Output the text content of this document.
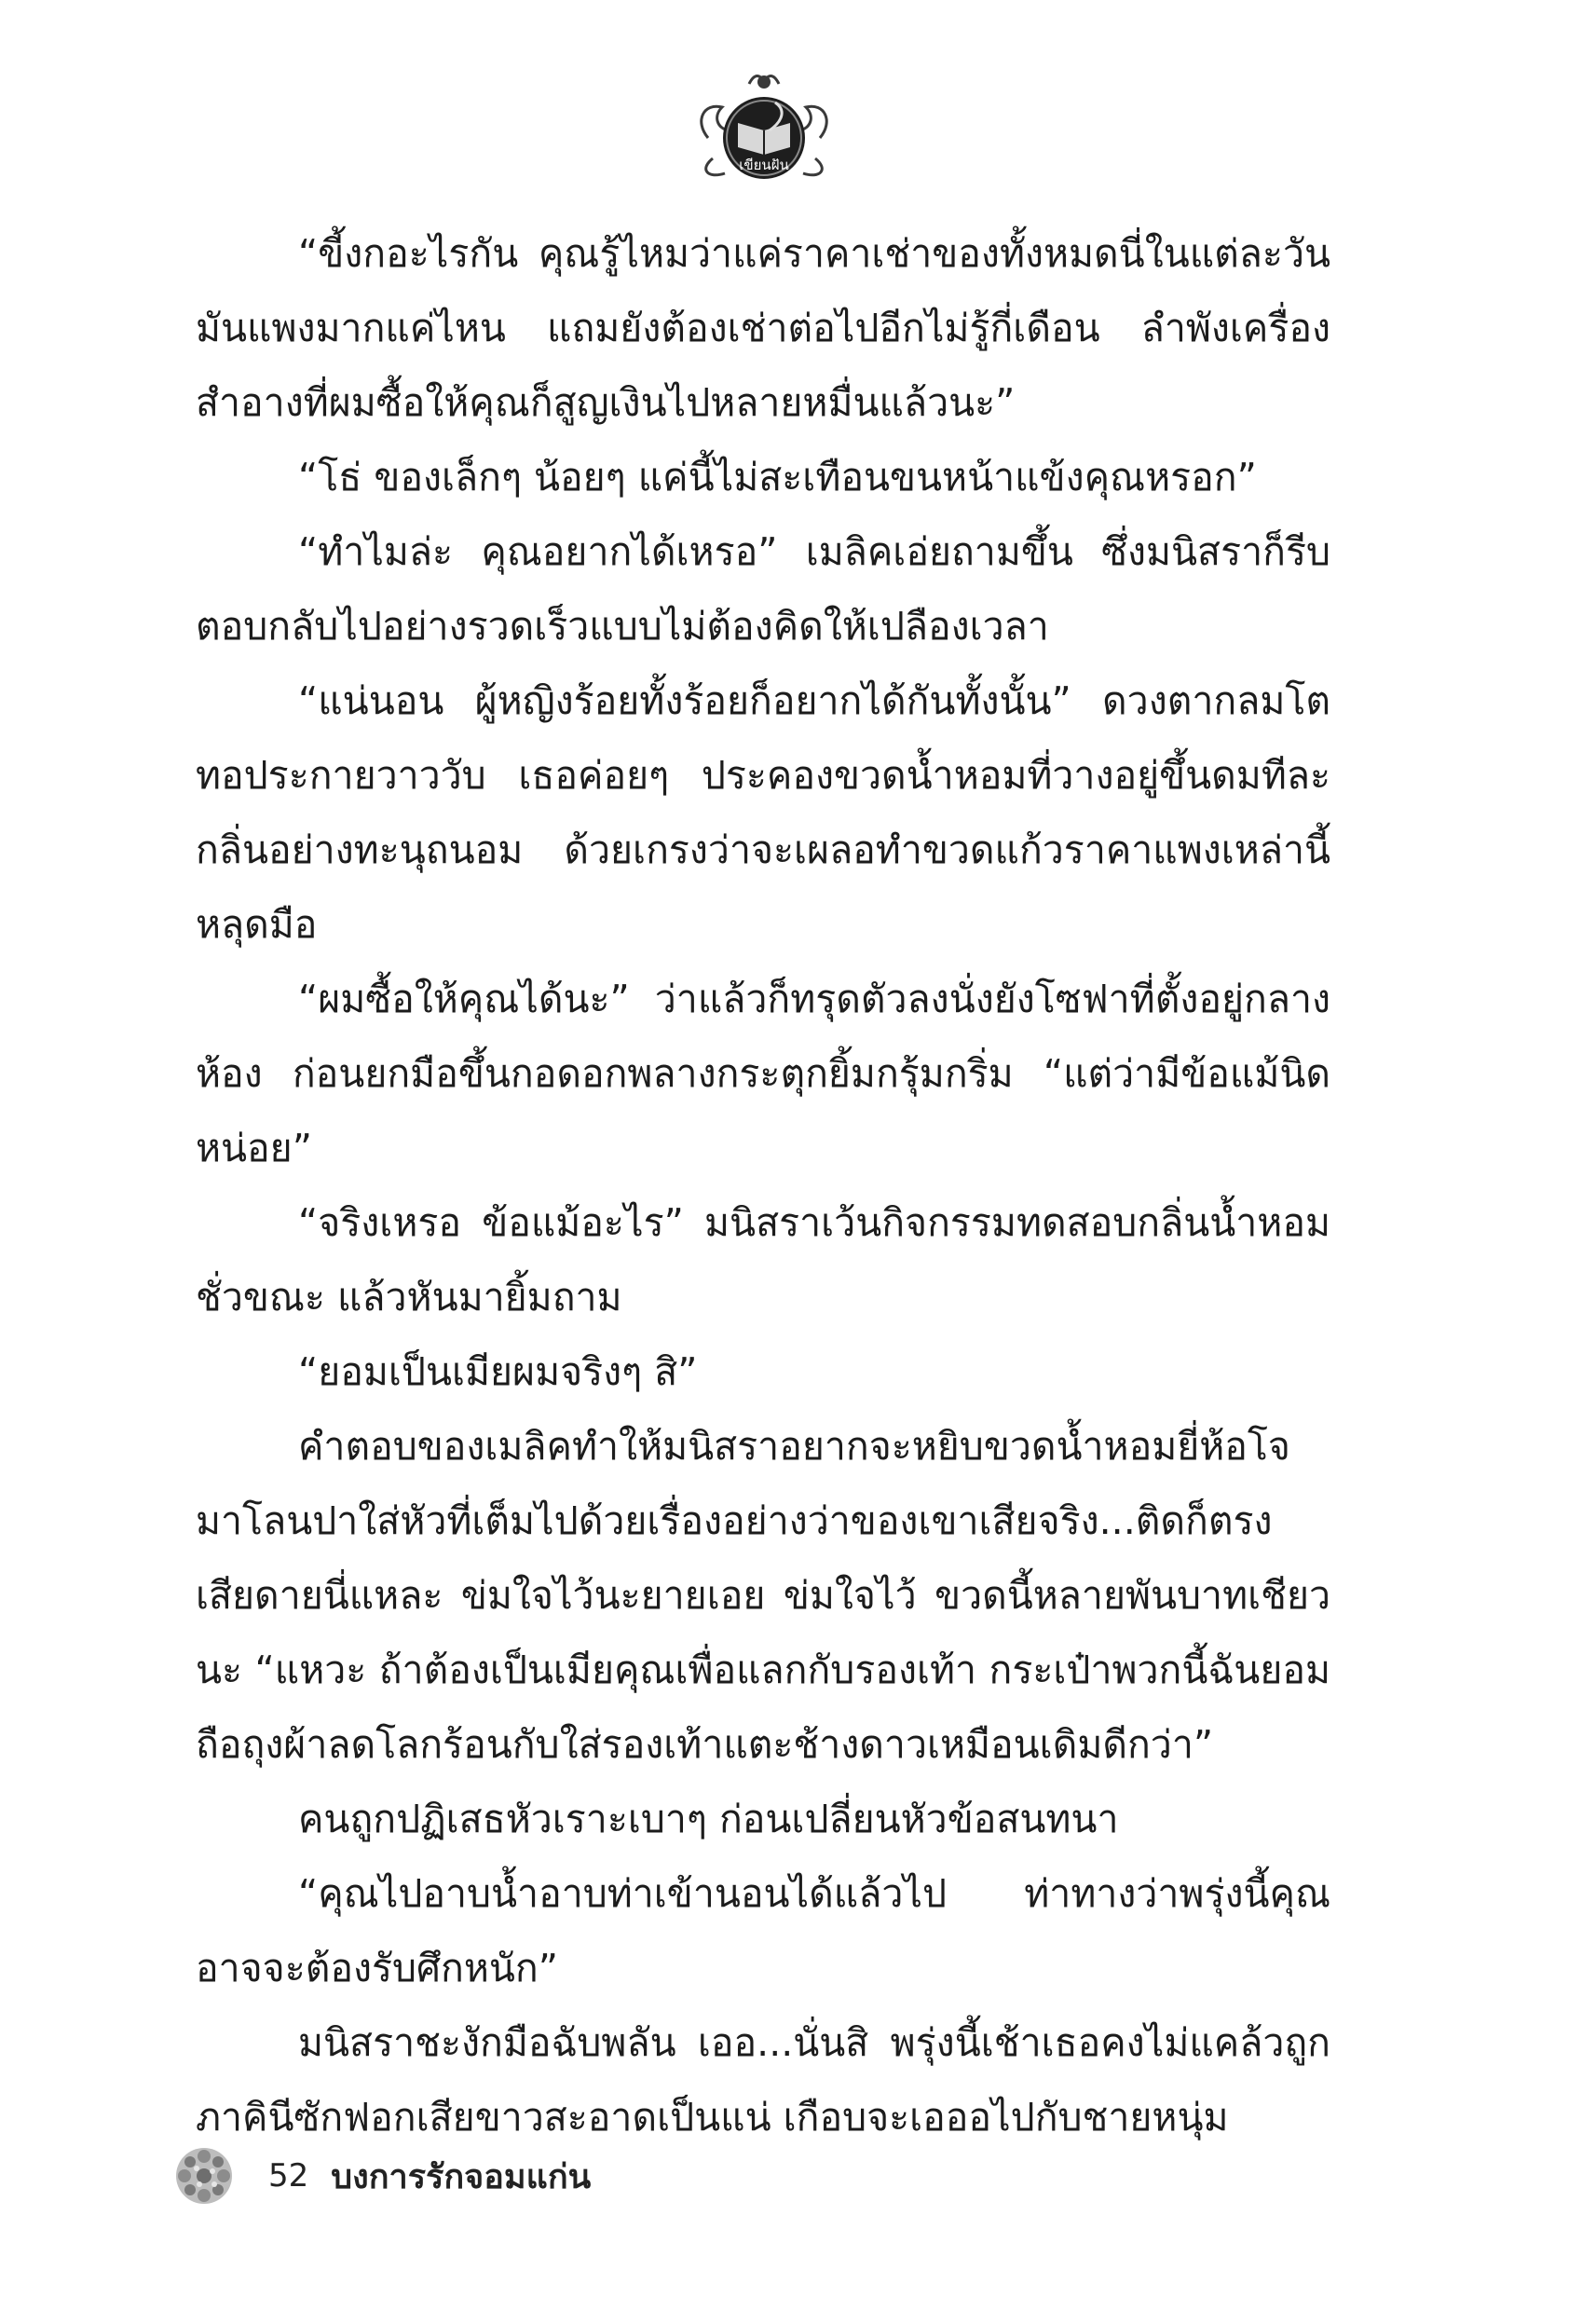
เขียนฝัน

“ขี้งกอะไรกัน คุณรู้ไหมว่าแค่ราคาเช่าของทั้งหมดนี่ในแต่ละวันมันแพงมากแค่ไหน แถมยังต้องเช่าต่อไปอีกไม่รู้กี่เดือน ลำพังเครื่องสำอางที่ผมซื้อให้คุณก็สูญเงินไปหลายหมื่นแล้วนะ”

“โธ่ ของเล็กๆ น้อยๆ แค่นี้ไม่สะเทือนขนหน้าแข้งคุณหรอก”

“ทำไมล่ะ คุณอยากได้เหรอ” เมลิคเอ่ยถามขึ้น ซึ่งมนิสราก็รีบตอบกลับไปอย่างรวดเร็วแบบไม่ต้องคิดให้เปลืองเวลา

“แน่นอน ผู้หญิงร้อยทั้งร้อยก็อยากได้กันทั้งนั้น” ดวงตากลมโตทอประกายวาววับ เธอค่อยๆ ประคองขวดน้ำหอมที่วางอยู่ขึ้นดมทีละกลิ่นอย่างทะนุถนอม ด้วยเกรงว่าจะเผลอทำขวดแก้วราคาแพงเหล่านี้หลุดมือ

“ผมซื้อให้คุณได้นะ” ว่าแล้วก็ทรุดตัวลงนั่งยังโซฟาที่ตั้งอยู่กลางห้อง ก่อนยกมือขึ้นกอดอกพลางกระตุกยิ้มกรุ้มกริ่ม “แต่ว่ามีข้อแม้นิดหน่อย”

“จริงเหรอ ข้อแม้อะไร” มนิสราเว้นกิจกรรมทดสอบกลิ่นน้ำหอมชั่วขณะ แล้วหันมายิ้มถาม

“ยอมเป็นเมียผมจริงๆ สิ”

คำตอบของเมลิคทำให้มนิสราอยากจะหยิบขวดน้ำหอมยี่ห้อโจมาโลนปาใส่หัวที่เต็มไปด้วยเรื่องอย่างว่าของเขาเสียจริง...ติดก็ตรงเสียดายนี่แหละ ข่มใจไว้นะยายเอย ข่มใจไว้ ขวดนี้หลายพันบาทเชียวนะ “แหวะ ถ้าต้องเป็นเมียคุณเพื่อแลกกับรองเท้า กระเป๋าพวกนี้ฉันยอมถือถุงผ้าลดโลกร้อนกับใส่รองเท้าแตะช้างดาวเหมือนเดิมดีกว่า”

คนถูกปฏิเสธหัวเราะเบาๆ ก่อนเปลี่ยนหัวข้อสนทนา

“คุณไปอาบน้ำอาบท่าเข้านอนได้แล้วไป ท่าทางว่าพรุ่งนี้คุณอาจจะต้องรับศึกหนัก”

มนิสราชะงักมือฉับพลัน เออ...นั่นสิ พรุ่งนี้เช้าเธอคงไม่แคล้วถูกภาคินีซักฟอกเสียขาวสะอาดเป็นแน่ เกือบจะเอออไปกับชายหนุ่ม

52 บงการรักจอมแก่น
